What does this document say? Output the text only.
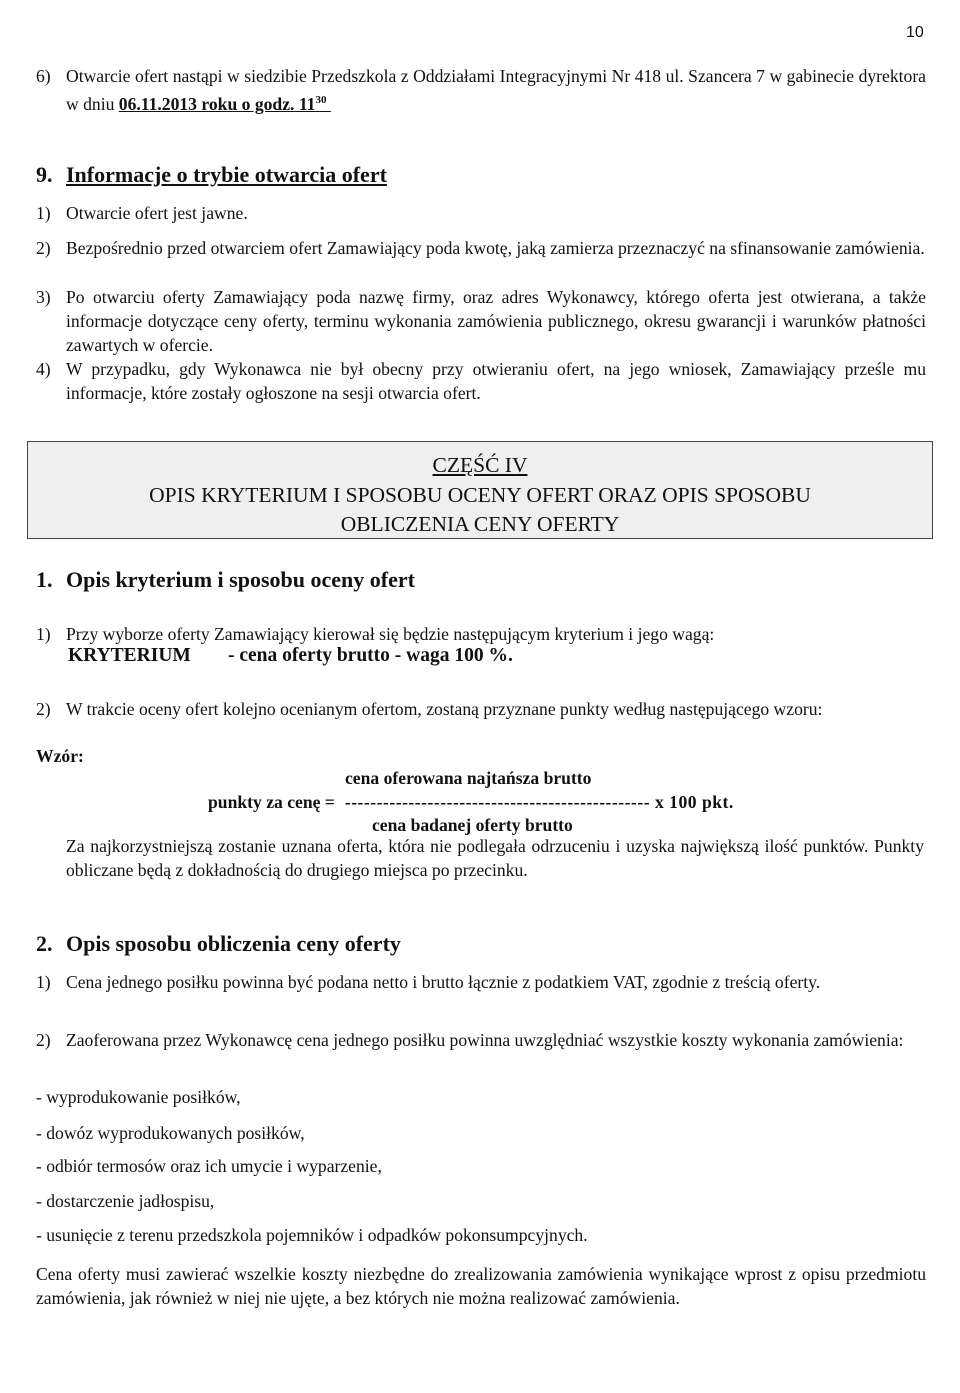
10
6) Otwarcie ofert nastąpi w siedzibie Przedszkola z Oddziałami Integracyjnymi Nr 418 ul. Szancera 7 w gabinecie dyrektora w dniu 06.11.2013 roku o godz. $11^{30}$
9. Informacje o trybie otwarcia ofert
1) Otwarcie ofert jest jawne.
2) Bezpośrednio przed otwarciem ofert Zamawiający poda kwotę, jaką zamierza przeznaczyć na sfinansowanie zamówienia.
3) Po otwarciu oferty Zamawiający poda nazwę firmy, oraz adres Wykonawcy, którego oferta jest otwierana, a także informacje dotyczące ceny oferty, terminu wykonania zamówienia publicznego, okresu gwarancji i warunków płatności zawartych w ofercie.
4) W przypadku, gdy Wykonawca nie był obecny przy otwieraniu ofert, na jego wniosek, Zamawiający prześle mu informacje, które zostały ogłoszone na sesji otwarcia ofert.
CZĘŚĆ IV
OPIS KRYTERIUM I SPOSOBU OCENY OFERT ORAZ OPIS SPOSOBU
OBLICZENIA CENY OFERTY
1. Opis kryterium i sposobu oceny ofert
1) Przy wyborze oferty Zamawiający kierował się będzie następującym kryterium i jego wagą:
KRYTERIUM - cena oferty brutto - waga 100 %.
2) W trakcie oceny ofert kolejno ocenianym ofertom, zostaną przyznane punkty według następującego wzoru:
Wzór:
cena oferowana najtańsza brutto
punkty za cenę = ------------------------------------------------ x 100 pkt.
cena badanej oferty brutto
Za najkorzystniejszą zostanie uznana oferta, która nie podlegała odrzuceniu i uzyska największą ilość punktów. Punkty obliczane będą z dokładnością do drugiego miejsca po przecinku.
2. Opis sposobu obliczenia ceny oferty
1) Cena jednego posiłku powinna być podana netto i brutto łącznie z podatkiem VAT, zgodnie z treścią oferty.
2) Zaoferowana przez Wykonawcę cena jednego posiłku powinna uwzględniać wszystkie koszty wykonania zamówienia:
- wyprodukowanie posiłków,
- dowóz wyprodukowanych posiłków,
- odbiór termosów oraz ich umycie i wyparzenie,
- dostarczenie jadłospisu,
- usunięcie z terenu przedszkola pojemników i odpadków pokonsumpcyjnych.
Cena oferty musi zawierać wszelkie koszty niezbędne do zrealizowania zamówienia wynikające wprost z opisu przedmiotu zamówienia, jak również w niej nie ujęte, a bez których nie można realizować zamówienia.
